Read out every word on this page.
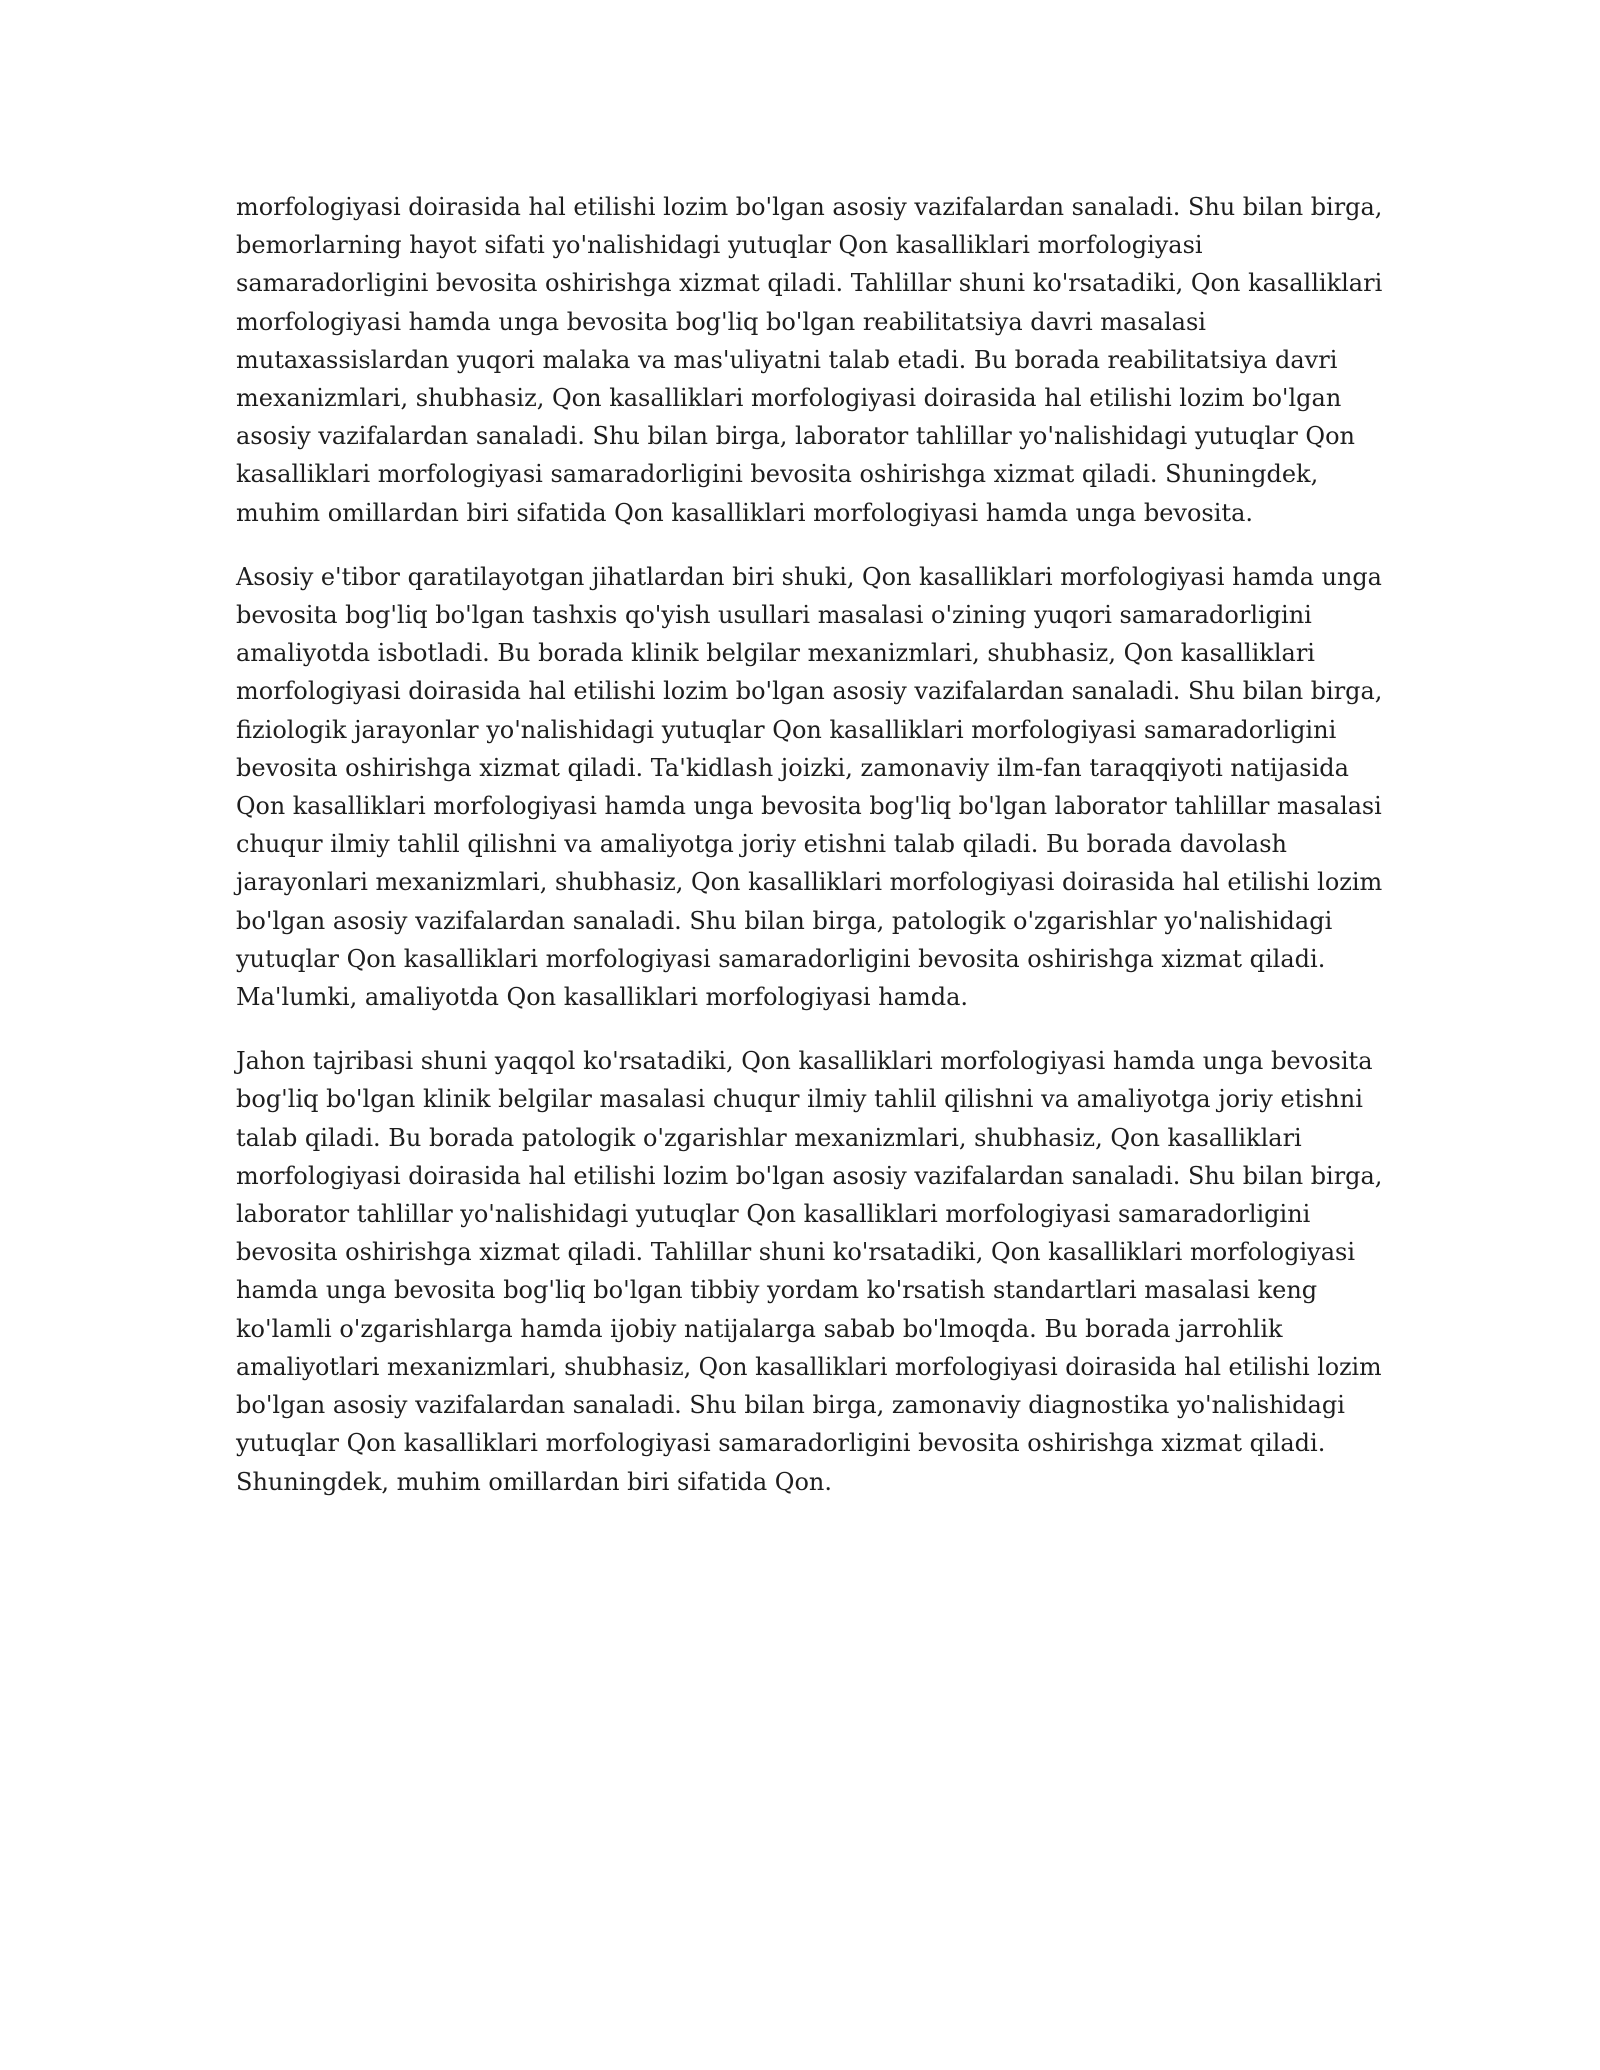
morfologiyasi doirasida hal etilishi lozim bo'lgan asosiy vazifalardan sanaladi. Shu bilan birga,
bemorlarning hayot sifati yo'nalishidagi yutuqlar Qon kasalliklari morfologiyasi
samaradorligini bevosita oshirishga xizmat qiladi. Tahlillar shuni ko'rsatadiki, Qon kasalliklari
morfologiyasi hamda unga bevosita bog'liq bo'lgan reabilitatsiya davri masalasi
mutaxassislardan yuqori malaka va mas'uliyatni talab etadi. Bu borada reabilitatsiya davri
mexanizmlari, shubhasiz, Qon kasalliklari morfologiyasi doirasida hal etilishi lozim bo'lgan
asosiy vazifalardan sanaladi. Shu bilan birga, laborator tahlillar yo'nalishidagi yutuqlar Qon
kasalliklari morfologiyasi samaradorligini bevosita oshirishga xizmat qiladi. Shuningdek,
muhim omillardan biri sifatida Qon kasalliklari morfologiyasi hamda unga bevosita.

Asosiy e'tibor qaratilayotgan jihatlardan biri shuki, Qon kasalliklari morfologiyasi hamda unga
bevosita bog'liq bo'lgan tashxis qo'yish usullari masalasi o'zining yuqori samaradorligini
amaliyotda isbotladi. Bu borada klinik belgilar mexanizmlari, shubhasiz, Qon kasalliklari
morfologiyasi doirasida hal etilishi lozim bo'lgan asosiy vazifalardan sanaladi. Shu bilan birga,
fiziologik jarayonlar yo'nalishidagi yutuqlar Qon kasalliklari morfologiyasi samaradorligini
bevosita oshirishga xizmat qiladi. Ta'kidlash joizki, zamonaviy ilm-fan taraqqiyoti natijasida
Qon kasalliklari morfologiyasi hamda unga bevosita bog'liq bo'lgan laborator tahlillar masalasi
chuqur ilmiy tahlil qilishni va amaliyotga joriy etishni talab qiladi. Bu borada davolash
jarayonlari mexanizmlari, shubhasiz, Qon kasalliklari morfologiyasi doirasida hal etilishi lozim
bo'lgan asosiy vazifalardan sanaladi. Shu bilan birga, patologik o'zgarishlar yo'nalishidagi
yutuqlar Qon kasalliklari morfologiyasi samaradorligini bevosita oshirishga xizmat qiladi.
Ma'lumki, amaliyotda Qon kasalliklari morfologiyasi hamda.

Jahon tajribasi shuni yaqqol ko'rsatadiki, Qon kasalliklari morfologiyasi hamda unga bevosita
bog'liq bo'lgan klinik belgilar masalasi chuqur ilmiy tahlil qilishni va amaliyotga joriy etishni
talab qiladi. Bu borada patologik o'zgarishlar mexanizmlari, shubhasiz, Qon kasalliklari
morfologiyasi doirasida hal etilishi lozim bo'lgan asosiy vazifalardan sanaladi. Shu bilan birga,
laborator tahlillar yo'nalishidagi yutuqlar Qon kasalliklari morfologiyasi samaradorligini
bevosita oshirishga xizmat qiladi. Tahlillar shuni ko'rsatadiki, Qon kasalliklari morfologiyasi
hamda unga bevosita bog'liq bo'lgan tibbiy yordam ko'rsatish standartlari masalasi keng
ko'lamli o'zgarishlarga hamda ijobiy natijalarga sabab bo'lmoqda. Bu borada jarrohlik
amaliyotlari mexanizmlari, shubhasiz, Qon kasalliklari morfologiyasi doirasida hal etilishi lozim
bo'lgan asosiy vazifalardan sanaladi. Shu bilan birga, zamonaviy diagnostika yo'nalishidagi
yutuqlar Qon kasalliklari morfologiyasi samaradorligini bevosita oshirishga xizmat qiladi.
Shuningdek, muhim omillardan biri sifatida Qon.
